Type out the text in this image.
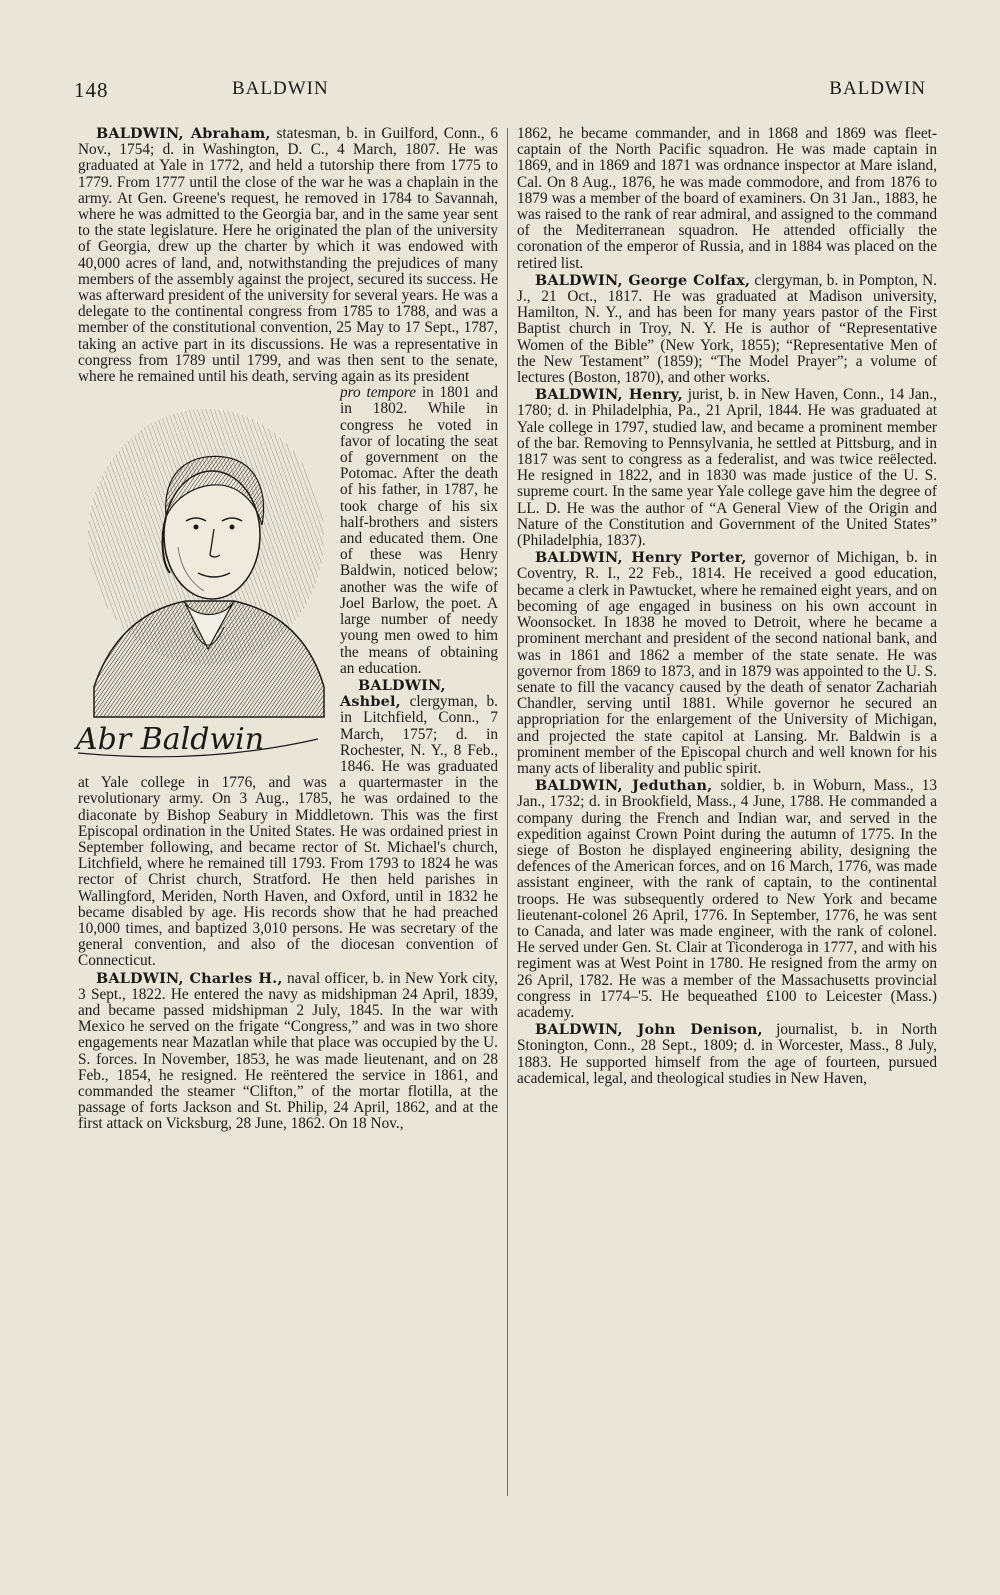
148	BALDWIN	BALDWIN

BALDWIN, Abraham, statesman, b. in Guilford, Conn., 6 Nov., 1754; d. in Washington, D. C., 4 March, 1807. He was graduated at Yale in 1772, and held a tutorship there from 1775 to 1779. From 1777 until the close of the war he was a chaplain in the army. At Gen. Greene's request, he removed in 1784 to Savannah, where he was admitted to the Georgia bar, and in the same year sent to the state legislature. Here he originated the plan of the university of Georgia, drew up the charter by which it was endowed with 40,000 acres of land, and, notwithstanding the prejudices of many members of the assembly against the project, secured its success. He was afterward president of the university for several years. He was a delegate to the continental congress from 1785 to 1788, and was a member of the constitutional convention, 25 May to 17 Sept., 1787, taking an active part in its discussions. He was a representative in congress from 1789 until 1799, and was then sent to the senate, where he remained until his death, serving again as its president

Abr Baldwin
pro tempore in 1801 and in 1802. While in congress he voted in favor of locating the seat of government on the Potomac. After the death of his father, in 1787, he took charge of his six half-brothers and sisters and educated them. One of these was Henry Baldwin, noticed below; another was the wife of Joel Barlow, the poet. A large number of needy young men owed to him the means of obtaining an education.

BALDWIN, Ashbel, clergyman, b. in Litchfield, Conn., 7 March, 1757; d. in Rochester, N. Y., 8 Feb., 1846. He was graduated at Yale college in 1776, and was a quartermaster in the revolutionary army. On 3 Aug., 1785, he was ordained to the diaconate by Bishop Seabury in Middletown. This was the first Episcopal ordination in the United States. He was ordained priest in September following, and became rector of St. Michael's church, Litchfield, where he remained till 1793. From 1793 to 1824 he was rector of Christ church, Stratford. He then held parishes in Wallingford, Meriden, North Haven, and Oxford, until in 1832 he became disabled by age. His records show that he had preached 10,000 times, and baptized 3,010 persons. He was secretary of the general convention, and also of the diocesan convention of Connecticut.

BALDWIN, Charles H., naval officer, b. in New York city, 3 Sept., 1822. He entered the navy as midshipman 24 April, 1839, and became passed midshipman 2 July, 1845. In the war with Mexico he served on the frigate “Congress,” and was in two shore engagements near Mazatlan while that place was occupied by the U. S. forces. In November, 1853, he was made lieutenant, and on 28 Feb., 1854, he resigned. He reëntered the service in 1861, and commanded the steamer “Clifton,” of the mortar flotilla, at the passage of forts Jackson and St. Philip, 24 April, 1862, and at the first attack on Vicksburg, 28 June, 1862. On 18 Nov.,

1862, he became commander, and in 1868 and 1869 was fleet-captain of the North Pacific squadron. He was made captain in 1869, and in 1869 and 1871 was ordnance inspector at Mare island, Cal. On 8 Aug., 1876, he was made commodore, and from 1876 to 1879 was a member of the board of examiners. On 31 Jan., 1883, he was raised to the rank of rear admiral, and assigned to the command of the Mediterranean squadron. He attended officially the coronation of the emperor of Russia, and in 1884 was placed on the retired list.

BALDWIN, George Colfax, clergyman, b. in Pompton, N. J., 21 Oct., 1817. He was graduated at Madison university, Hamilton, N. Y., and has been for many years pastor of the First Baptist church in Troy, N. Y. He is author of “Representative Women of the Bible” (New York, 1855); “Representative Men of the New Testament” (1859); “The Model Prayer”; a volume of lectures (Boston, 1870), and other works.

BALDWIN, Henry, jurist, b. in New Haven, Conn., 14 Jan., 1780; d. in Philadelphia, Pa., 21 April, 1844. He was graduated at Yale college in 1797, studied law, and became a prominent member of the bar. Removing to Pennsylvania, he settled at Pittsburg, and in 1817 was sent to congress as a federalist, and was twice reëlected. He resigned in 1822, and in 1830 was made justice of the U. S. supreme court. In the same year Yale college gave him the degree of LL. D. He was the author of “A General View of the Origin and Nature of the Constitution and Government of the United States” (Philadelphia, 1837).

BALDWIN, Henry Porter, governor of Michigan, b. in Coventry, R. I., 22 Feb., 1814. He received a good education, became a clerk in Pawtucket, where he remained eight years, and on becoming of age engaged in business on his own account in Woonsocket. In 1838 he moved to Detroit, where he became a prominent merchant and president of the second national bank, and was in 1861 and 1862 a member of the state senate. He was governor from 1869 to 1873, and in 1879 was appointed to the U. S. senate to fill the vacancy caused by the death of senator Zachariah Chandler, serving until 1881. While governor he secured an appropriation for the enlargement of the University of Michigan, and projected the state capitol at Lansing. Mr. Baldwin is a prominent member of the Episcopal church and well known for his many acts of liberality and public spirit.

BALDWIN, Jeduthan, soldier, b. in Woburn, Mass., 13 Jan., 1732; d. in Brookfield, Mass., 4 June, 1788. He commanded a company during the French and Indian war, and served in the expedition against Crown Point during the autumn of 1775. In the siege of Boston he displayed engineering ability, designing the defences of the American forces, and on 16 March, 1776, was made assistant engineer, with the rank of captain, to the continental troops. He was subsequently ordered to New York and became lieutenant-colonel 26 April, 1776. In September, 1776, he was sent to Canada, and later was made engineer, with the rank of colonel. He served under Gen. St. Clair at Ticonderoga in 1777, and with his regiment was at West Point in 1780. He resigned from the army on 26 April, 1782. He was a member of the Massachusetts provincial congress in 1774–'5. He bequeathed £100 to Leicester (Mass.) academy.

BALDWIN, John Denison, journalist, b. in North Stonington, Conn., 28 Sept., 1809; d. in Worcester, Mass., 8 July, 1883. He supported himself from the age of fourteen, pursued academical, legal, and theological studies in New Haven,
